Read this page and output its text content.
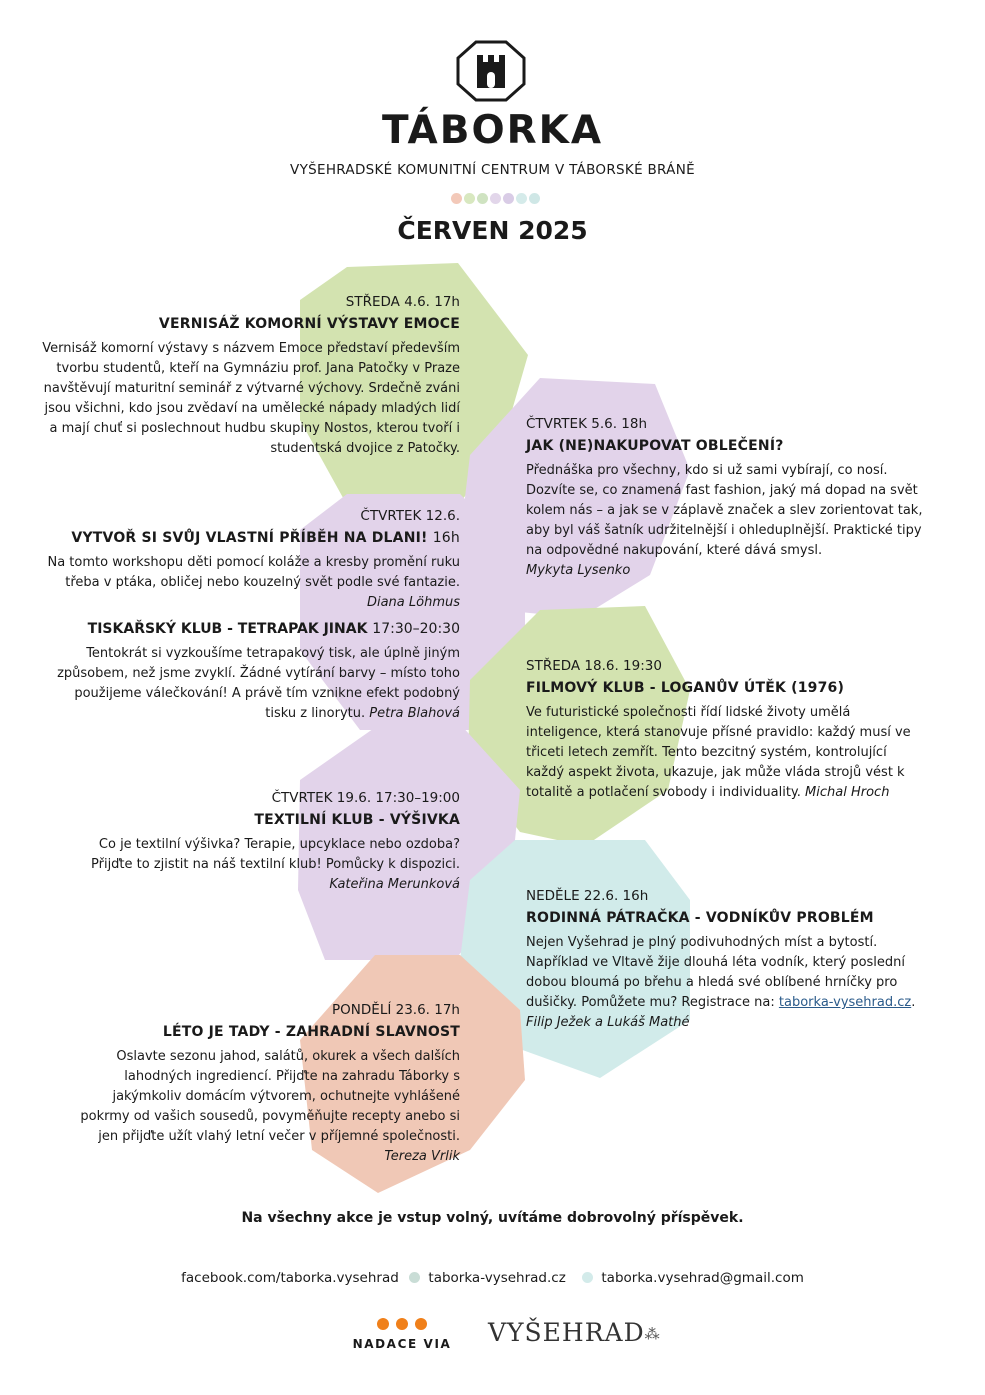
TÁBORKA
VYŠEHRADSKÉ KOMUNITNÍ CENTRUM V TÁBORSKÉ BRÁNĚ
ČERVEN 2025
STŘEDA 4.6. 17h
VERNISÁŽ KOMORNÍ VÝSTAVY EMOCE

Vernisáž komorní výstavy s názvem Emoce představí především tvorbu studentů, kteří na Gymnáziu prof. Jana Patočky v Praze navštěvují maturitní seminář z výtvarné výchovy. Srdečně zváni jsou všichni, kdo jsou zvědaví na umělecké nápady mladých lidí a mají chuť si poslechnout hudbu skupiny Nostos, kterou tvoří i studentská dvojice z Patočky.

ČTVRTEK 5.6. 18h
JAK (NE)NAKUPOVAT OBLEČENÍ?

Přednáška pro všechny, kdo si už sami vybírají, co nosí. Dozvíte se, co znamená fast fashion, jaký má dopad na svět kolem nás – a jak se v záplavě značek a slev zorientovat tak, aby byl váš šatník udržitelnější i ohleduplnější. Praktické tipy na odpovědné nakupování, které dává smysl.
Mykyta Lysenko

ČTVRTEK 12.6.
VYTVOŘ SI SVŮJ VLASTNÍ PŘÍBĚH NA DLANI! 16h

Na tomto workshopu děti pomocí koláže a kresby promění ruku třeba v ptáka, obličej nebo kouzelný svět podle své fantazie. Diana Löhmus

TISKAŘSKÝ KLUB - TETRAPAK JINAK 17:30–20:30

Tentokrát si vyzkoušíme tetrapakový tisk, ale úplně jiným způsobem, než jsme zvyklí. Žádné vytírání barvy – místo toho použijeme válečkování! A právě tím vznikne efekt podobný tisku z linorytu. Petra Blahová

STŘEDA 18.6. 19:30
FILMOVÝ KLUB - LOGANŮV ÚTĚK (1976)

Ve futuristické společnosti řídí lidské životy umělá inteligence, která stanovuje přísné pravidlo: každý musí ve třiceti letech zemřít. Tento bezcitný systém, kontrolující každý aspekt života, ukazuje, jak může vláda strojů vést k totalitě a potlačení svobody i individuality. Michal Hroch

ČTVRTEK 19.6. 17:30–19:00
TEXTILNÍ KLUB - VÝŠIVKA

Co je textilní výšivka? Terapie, upcyklace nebo ozdoba? Přijďte to zjistit na náš textilní klub! Pomůcky k dispozici.
Kateřina Merunková

NEDĚLE 22.6. 16h
RODINNÁ PÁTRAČKA - VODNÍKŮV PROBLÉM

Nejen Vyšehrad je plný podivuhodných míst a bytostí. Například ve Vltavě žije dlouhá léta vodník, který poslední dobou bloumá po břehu a hledá své oblíbené hrníčky pro dušičky. Pomůžete mu? Registrace na: taborka-vysehrad.cz.
Filip Ježek a Lukáš Mathé

PONDĚLÍ 23.6. 17h
LÉTO JE TADY - ZAHRADNÍ SLAVNOST

Oslavte sezonu jahod, salátů, okurek a všech dalších lahodných ingrediencí. Přijďte na zahradu Táborky s jakýmkoliv domácím výtvorem, ochutnejte vyhlášené pokrmy od vašich sousedů, povyměňujte recepty anebo si jen přijďte užít vlahý letní večer v příjemné společnosti. Tereza Vrlik

Na všechny akce je vstup volný, uvítáme dobrovolný příspěvek.
facebook.com/taborka.vysehrad taborka-vysehrad.cz	taborka.vysehrad@gmail.com
NADACE VIA VYŠEHRAD⁂
